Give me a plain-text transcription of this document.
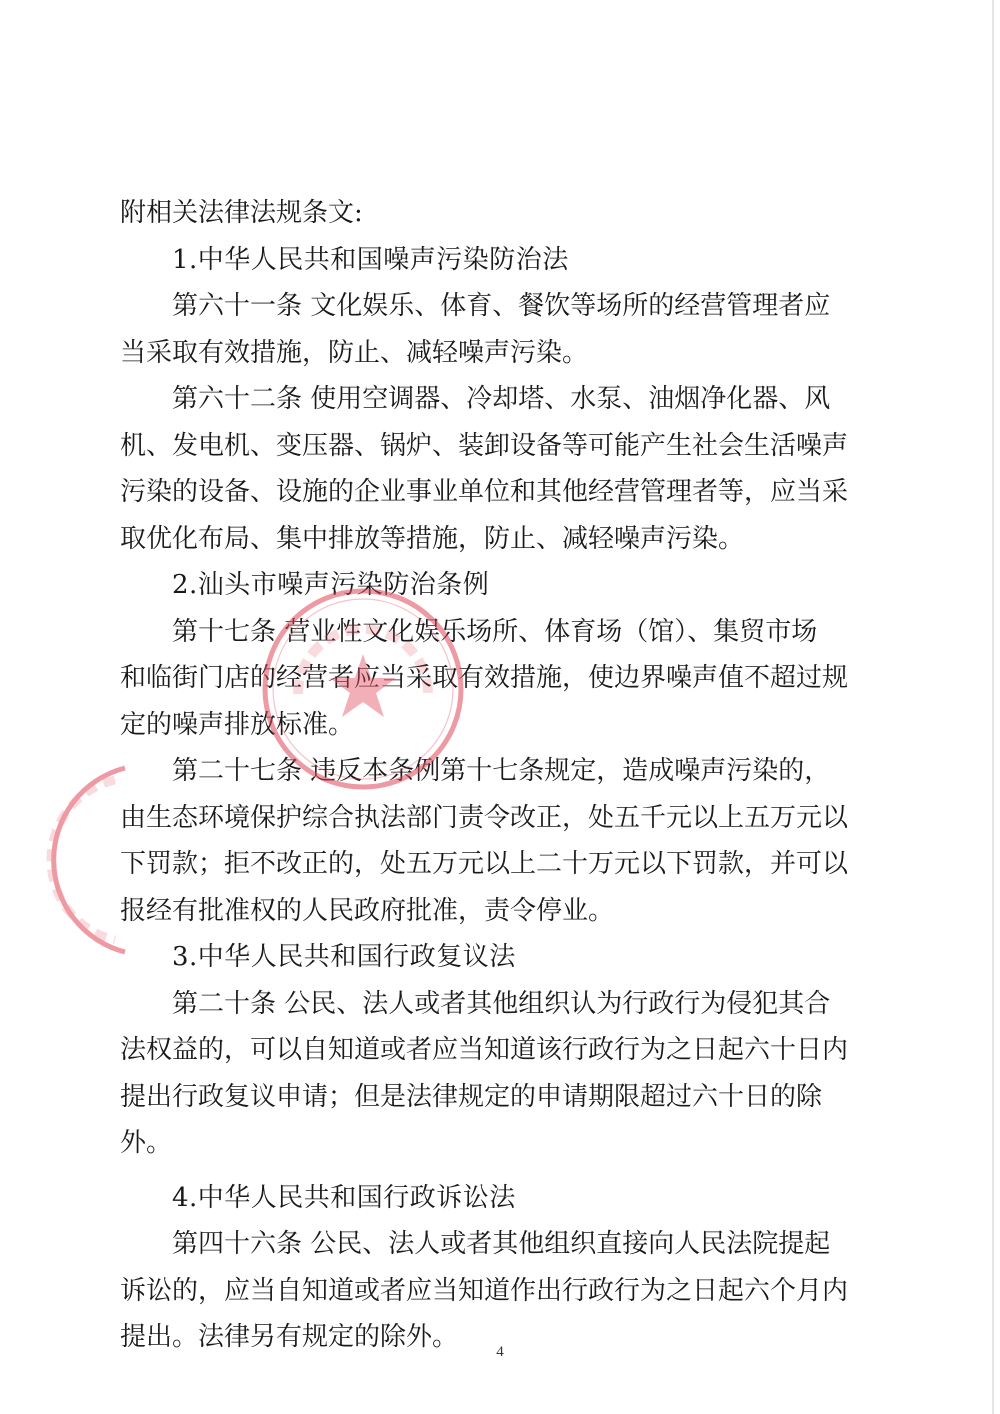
附相关法律法规条文:
1.中华人民共和国噪声污染防治法
第六十一条 文化娱乐、体育、餐饮等场所的经营管理者应
当采取有效措施，防止、减轻噪声污染。
第六十二条 使用空调器、冷却塔、水泵、油烟净化器、风
机、发电机、变压器、锅炉、装卸设备等可能产生社会生活噪声
污染的设备、设施的企业事业单位和其他经营管理者等，应当采
取优化布局、集中排放等措施，防止、减轻噪声污染。
2.汕头市噪声污染防治条例
第十七条 营业性文化娱乐场所、体育场（馆）、集贸市场
和临街门店的经营者应当采取有效措施，使边界噪声值不超过规
定的噪声排放标准。
第二十七条 违反本条例第十七条规定，造成噪声污染的，
由生态环境保护综合执法部门责令改正，处五千元以上五万元以
下罚款；拒不改正的，处五万元以上二十万元以下罚款，并可以
报经有批准权的人民政府批准，责令停业。
3.中华人民共和国行政复议法
第二十条 公民、法人或者其他组织认为行政行为侵犯其合
法权益的，可以自知道或者应当知道该行政行为之日起六十日内
提出行政复议申请；但是法律规定的申请期限超过六十日的除
外。
4.中华人民共和国行政诉讼法
第四十六条 公民、法人或者其他组织直接向人民法院提起
诉讼的，应当自知道或者应当知道作出行政行为之日起六个月内
提出。法律另有规定的除外。	4
